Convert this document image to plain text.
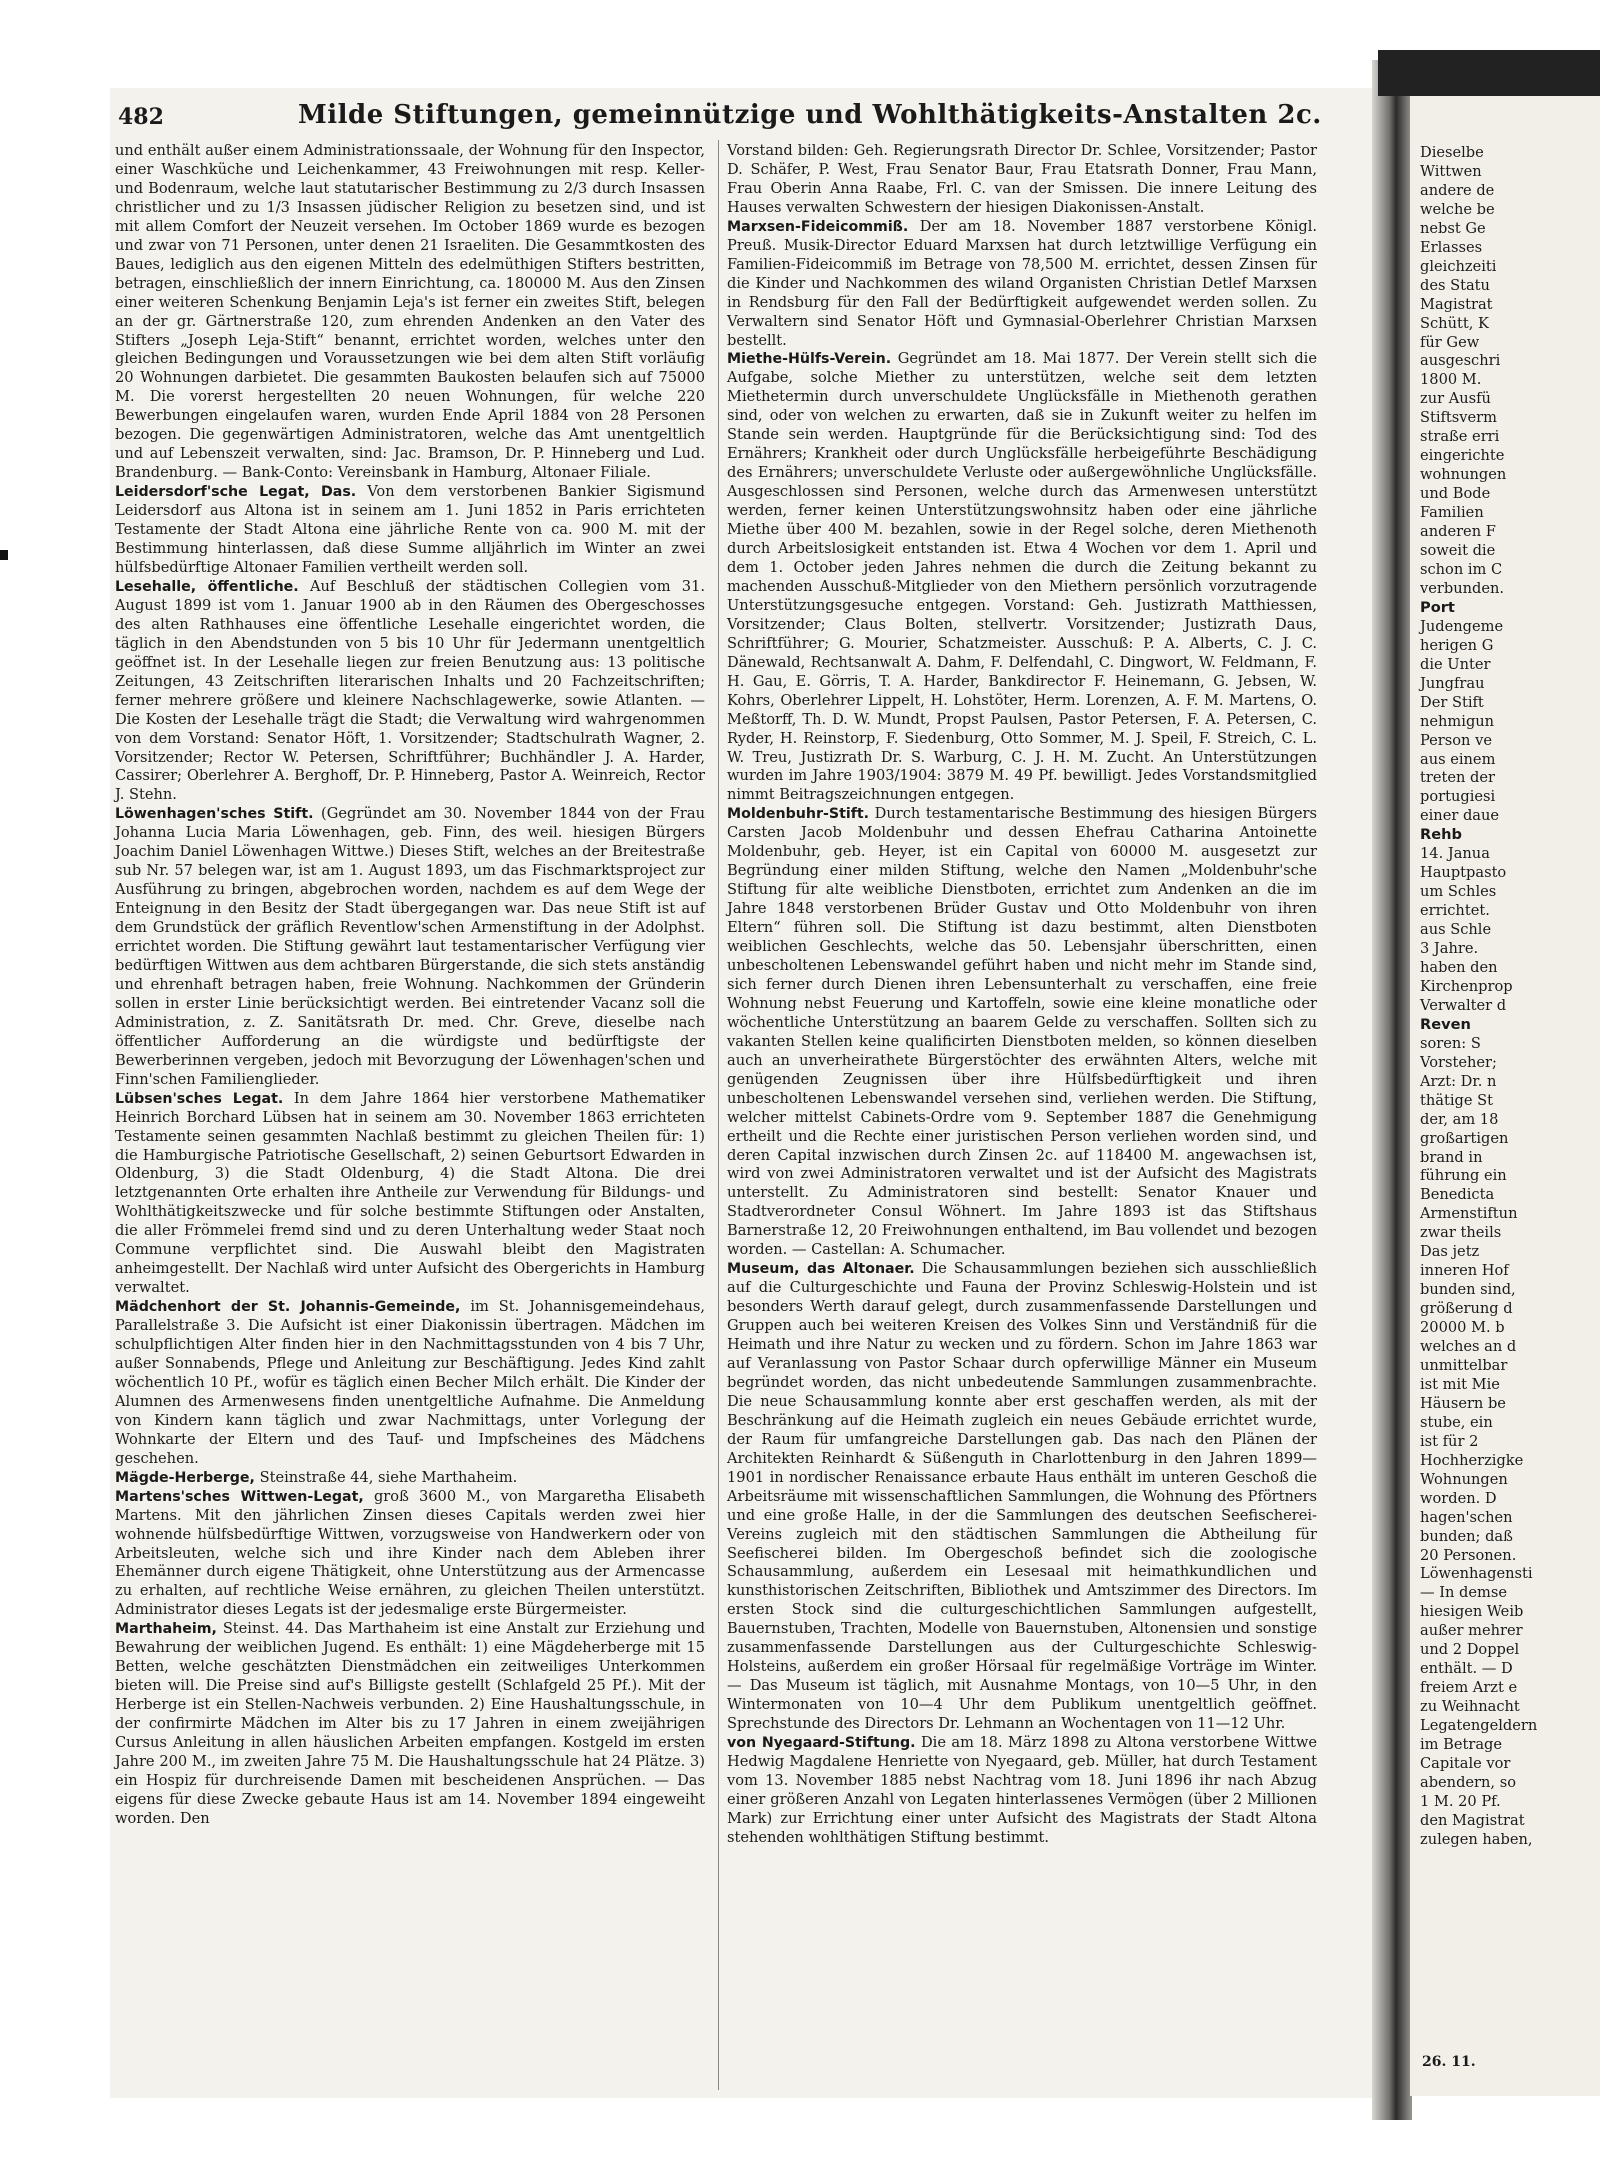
482	Milde Stiftungen, gemeinnützige und Wohlthätigkeits-Anstalten 2c.

und enthält außer einem Administrationssaale, der Wohnung für den Inspector, einer Waschküche und Leichenkammer, 43 Freiwohnungen mit resp. Keller- und Bodenraum, welche laut statutarischer Bestimmung zu 2/3 durch Insassen christlicher und zu 1/3 Insassen jüdischer Religion zu besetzen sind, und ist mit allem Comfort der Neuzeit versehen. Im October 1869 wurde es bezogen und zwar von 71 Personen, unter denen 21 Israeliten. Die Gesammtkosten des Baues, lediglich aus den eigenen Mitteln des edelmüthigen Stifters bestritten, betragen, einschließlich der innern Einrichtung, ca. 180000 M. Aus den Zinsen einer weiteren Schenkung Benjamin Leja's ist ferner ein zweites Stift, belegen an der gr. Gärtnerstraße 120, zum ehrenden Andenken an den Vater des Stifters „Joseph Leja-Stift“ benannt, errichtet worden, welches unter den gleichen Bedingungen und Voraussetzungen wie bei dem alten Stift vorläufig 20 Wohnungen darbietet. Die gesammten Baukosten belaufen sich auf 75000 M. Die vorerst hergestellten 20 neuen Wohnungen, für welche 220 Bewerbungen eingelaufen waren, wurden Ende April 1884 von 28 Personen bezogen. Die gegenwärtigen Administratoren, welche das Amt unentgeltlich und auf Lebenszeit verwalten, sind: Jac. Bramson, Dr. P. Hinneberg und Lud. Brandenburg. — Bank-Conto: Vereinsbank in Hamburg, Altonaer Filiale.

Leidersdorf'sche Legat, Das. Von dem verstorbenen Bankier Sigismund Leidersdorf aus Altona ist in seinem am 1. Juni 1852 in Paris errichteten Testamente der Stadt Altona eine jährliche Rente von ca. 900 M. mit der Bestimmung hinterlassen, daß diese Summe alljährlich im Winter an zwei hülfsbedürftige Altonaer Familien vertheilt werden soll.

Lesehalle, öffentliche. Auf Beschluß der städtischen Collegien vom 31. August 1899 ist vom 1. Januar 1900 ab in den Räumen des Obergeschosses des alten Rathhauses eine öffentliche Lesehalle eingerichtet worden, die täglich in den Abendstunden von 5 bis 10 Uhr für Jedermann unentgeltlich geöffnet ist. In der Lesehalle liegen zur freien Benutzung aus: 13 politische Zeitungen, 43 Zeitschriften literarischen Inhalts und 20 Fachzeitschriften; ferner mehrere größere und kleinere Nachschlagewerke, sowie Atlanten. — Die Kosten der Lesehalle trägt die Stadt; die Verwaltung wird wahrgenommen von dem Vorstand: Senator Höft, 1. Vorsitzender; Stadtschulrath Wagner, 2. Vorsitzender; Rector W. Petersen, Schriftführer; Buchhändler J. A. Harder, Cassirer; Oberlehrer A. Berghoff, Dr. P. Hinneberg, Pastor A. Weinreich, Rector J. Stehn.

Löwenhagen'sches Stift. (Gegründet am 30. November 1844 von der Frau Johanna Lucia Maria Löwenhagen, geb. Finn, des weil. hiesigen Bürgers Joachim Daniel Löwenhagen Wittwe.) Dieses Stift, welches an der Breitestraße sub Nr. 57 belegen war, ist am 1. August 1893, um das Fischmarktsproject zur Ausführung zu bringen, abgebrochen worden, nachdem es auf dem Wege der Enteignung in den Besitz der Stadt übergegangen war. Das neue Stift ist auf dem Grundstück der gräflich Reventlow'schen Armenstiftung in der Adolphst. errichtet worden. Die Stiftung gewährt laut testamentarischer Verfügung vier bedürftigen Wittwen aus dem achtbaren Bürgerstande, die sich stets anständig und ehrenhaft betragen haben, freie Wohnung. Nachkommen der Gründerin sollen in erster Linie berücksichtigt werden. Bei eintretender Vacanz soll die Administration, z. Z. Sanitätsrath Dr. med. Chr. Greve, dieselbe nach öffentlicher Aufforderung an die würdigste und bedürftigste der Bewerberinnen vergeben, jedoch mit Bevorzugung der Löwenhagen'schen und Finn'schen Familienglieder.

Lübsen'sches Legat. In dem Jahre 1864 hier verstorbene Mathematiker Heinrich Borchard Lübsen hat in seinem am 30. November 1863 errichteten Testamente seinen gesammten Nachlaß bestimmt zu gleichen Theilen für: 1) die Hamburgische Patriotische Gesellschaft, 2) seinen Geburtsort Edwarden in Oldenburg, 3) die Stadt Oldenburg, 4) die Stadt Altona. Die drei letztgenannten Orte erhalten ihre Antheile zur Verwendung für Bildungs- und Wohlthätigkeitszwecke und für solche bestimmte Stiftungen oder Anstalten, die aller Frömmelei fremd sind und zu deren Unterhaltung weder Staat noch Commune verpflichtet sind. Die Auswahl bleibt den Magistraten anheimgestellt. Der Nachlaß wird unter Aufsicht des Obergerichts in Hamburg verwaltet.

Mädchenhort der St. Johannis-Gemeinde, im St. Johannisgemeindehaus, Parallelstraße 3. Die Aufsicht ist einer Diakonissin übertragen. Mädchen im schulpflichtigen Alter finden hier in den Nachmittagsstunden von 4 bis 7 Uhr, außer Sonnabends, Pflege und Anleitung zur Beschäftigung. Jedes Kind zahlt wöchentlich 10 Pf., wofür es täglich einen Becher Milch erhält. Die Kinder der Alumnen des Armenwesens finden unentgeltliche Aufnahme. Die Anmeldung von Kindern kann täglich und zwar Nachmittags, unter Vorlegung der Wohnkarte der Eltern und des Tauf- und Impfscheines des Mädchens geschehen.

Mägde-Herberge, Steinstraße 44, siehe Marthaheim.

Martens'sches Wittwen-Legat, groß 3600 M., von Margaretha Elisabeth Martens. Mit den jährlichen Zinsen dieses Capitals werden zwei hier wohnende hülfsbedürftige Wittwen, vorzugsweise von Handwerkern oder von Arbeitsleuten, welche sich und ihre Kinder nach dem Ableben ihrer Ehemänner durch eigene Thätigkeit, ohne Unterstützung aus der Armencasse zu erhalten, auf rechtliche Weise ernähren, zu gleichen Theilen unterstützt. Administrator dieses Legats ist der jedesmalige erste Bürgermeister.

Marthaheim, Steinst. 44. Das Marthaheim ist eine Anstalt zur Erziehung und Bewahrung der weiblichen Jugend. Es enthält: 1) eine Mägdeherberge mit 15 Betten, welche geschätzten Dienstmädchen ein zeitweiliges Unterkommen bieten will. Die Preise sind auf's Billigste gestellt (Schlafgeld 25 Pf.). Mit der Herberge ist ein Stellen-Nachweis verbunden. 2) Eine Haushaltungsschule, in der confirmirte Mädchen im Alter bis zu 17 Jahren in einem zweijährigen Cursus Anleitung in allen häuslichen Arbeiten empfangen. Kostgeld im ersten Jahre 200 M., im zweiten Jahre 75 M. Die Haushaltungsschule hat 24 Plätze. 3) ein Hospiz für durchreisende Damen mit bescheidenen Ansprüchen. — Das eigens für diese Zwecke gebaute Haus ist am 14. November 1894 eingeweiht worden. Den

Vorstand bilden: Geh. Regierungsrath Director Dr. Schlee, Vorsitzender; Pastor D. Schäfer, P. West, Frau Senator Baur, Frau Etatsrath Donner, Frau Mann, Frau Oberin Anna Raabe, Frl. C. van der Smissen. Die innere Leitung des Hauses verwalten Schwestern der hiesigen Diakonissen-Anstalt.

Marxsen-Fideicommiß. Der am 18. November 1887 verstorbene Königl. Preuß. Musik-Director Eduard Marxsen hat durch letztwillige Verfügung ein Familien-Fideicommiß im Betrage von 78,500 M. errichtet, dessen Zinsen für die Kinder und Nachkommen des wiland Organisten Christian Detlef Marxsen in Rendsburg für den Fall der Bedürftigkeit aufgewendet werden sollen. Zu Verwaltern sind Senator Höft und Gymnasial-Oberlehrer Christian Marxsen bestellt.

Miethe-Hülfs-Verein. Gegründet am 18. Mai 1877. Der Verein stellt sich die Aufgabe, solche Miether zu unterstützen, welche seit dem letzten Miethetermin durch unverschuldete Unglücksfälle in Miethenoth gerathen sind, oder von welchen zu erwarten, daß sie in Zukunft weiter zu helfen im Stande sein werden. Hauptgründe für die Berücksichtigung sind: Tod des Ernährers; Krankheit oder durch Unglücksfälle herbeigeführte Beschädigung des Ernährers; unverschuldete Verluste oder außergewöhnliche Unglücksfälle. Ausgeschlossen sind Personen, welche durch das Armenwesen unterstützt werden, ferner keinen Unterstützungswohnsitz haben oder eine jährliche Miethe über 400 M. bezahlen, sowie in der Regel solche, deren Miethenoth durch Arbeitslosigkeit entstanden ist. Etwa 4 Wochen vor dem 1. April und dem 1. October jeden Jahres nehmen die durch die Zeitung bekannt zu machenden Ausschuß-Mitglieder von den Miethern persönlich vorzutragende Unterstützungsgesuche entgegen. Vorstand: Geh. Justizrath Matthiessen, Vorsitzender; Claus Bolten, stellvertr. Vorsitzender; Justizrath Daus, Schriftführer; G. Mourier, Schatzmeister. Ausschuß: P. A. Alberts, C. J. C. Dänewald, Rechtsanwalt A. Dahm, F. Delfendahl, C. Dingwort, W. Feldmann, F. H. Gau, E. Görris, T. A. Harder, Bankdirector F. Heinemann, G. Jebsen, W. Kohrs, Oberlehrer Lippelt, H. Lohstöter, Herm. Lorenzen, A. F. M. Martens, O. Meßtorff, Th. D. W. Mundt, Propst Paulsen, Pastor Petersen, F. A. Petersen, C. Ryder, H. Reinstorp, F. Siedenburg, Otto Sommer, M. J. Speil, F. Streich, C. L. W. Treu, Justizrath Dr. S. Warburg, C. J. H. M. Zucht. An Unterstützungen wurden im Jahre 1903/1904: 3879 M. 49 Pf. bewilligt. Jedes Vorstandsmitglied nimmt Beitragszeichnungen entgegen.

Moldenbuhr-Stift. Durch testamentarische Bestimmung des hiesigen Bürgers Carsten Jacob Moldenbuhr und dessen Ehefrau Catharina Antoinette Moldenbuhr, geb. Heyer, ist ein Capital von 60000 M. ausgesetzt zur Begründung einer milden Stiftung, welche den Namen „Moldenbuhr'sche Stiftung für alte weibliche Dienstboten, errichtet zum Andenken an die im Jahre 1848 verstorbenen Brüder Gustav und Otto Moldenbuhr von ihren Eltern“ führen soll. Die Stiftung ist dazu bestimmt, alten Dienstboten weiblichen Geschlechts, welche das 50. Lebensjahr überschritten, einen unbescholtenen Lebenswandel geführt haben und nicht mehr im Stande sind, sich ferner durch Dienen ihren Lebensunterhalt zu verschaffen, eine freie Wohnung nebst Feuerung und Kartoffeln, sowie eine kleine monatliche oder wöchentliche Unterstützung an baarem Gelde zu verschaffen. Sollten sich zu vakanten Stellen keine qualificirten Dienstboten melden, so können dieselben auch an unverheirathete Bürgerstöchter des erwähnten Alters, welche mit genügenden Zeugnissen über ihre Hülfsbedürftigkeit und ihren unbescholtenen Lebenswandel versehen sind, verliehen werden. Die Stiftung, welcher mittelst Cabinets-Ordre vom 9. September 1887 die Genehmigung ertheilt und die Rechte einer juristischen Person verliehen worden sind, und deren Capital inzwischen durch Zinsen 2c. auf 118400 M. angewachsen ist, wird von zwei Administratoren verwaltet und ist der Aufsicht des Magistrats unterstellt. Zu Administratoren sind bestellt: Senator Knauer und Stadtverordneter Consul Wöhnert. Im Jahre 1893 ist das Stiftshaus Barnerstraße 12, 20 Freiwohnungen enthaltend, im Bau vollendet und bezogen worden. — Castellan: A. Schumacher.

Museum, das Altonaer. Die Schausammlungen beziehen sich ausschließlich auf die Culturgeschichte und Fauna der Provinz Schleswig-Holstein und ist besonders Werth darauf gelegt, durch zusammenfassende Darstellungen und Gruppen auch bei weiteren Kreisen des Volkes Sinn und Verständniß für die Heimath und ihre Natur zu wecken und zu fördern. Schon im Jahre 1863 war auf Veranlassung von Pastor Schaar durch opferwillige Männer ein Museum begründet worden, das nicht unbedeutende Sammlungen zusammenbrachte. Die neue Schausammlung konnte aber erst geschaffen werden, als mit der Beschränkung auf die Heimath zugleich ein neues Gebäude errichtet wurde, der Raum für umfangreiche Darstellungen gab. Das nach den Plänen der Architekten Reinhardt & Süßenguth in Charlottenburg in den Jahren 1899—1901 in nordischer Renaissance erbaute Haus enthält im unteren Geschoß die Arbeitsräume mit wissenschaftlichen Sammlungen, die Wohnung des Pförtners und eine große Halle, in der die Sammlungen des deutschen Seefischerei-Vereins zugleich mit den städtischen Sammlungen die Abtheilung für Seefischerei bilden. Im Obergeschoß befindet sich die zoologische Schausammlung, außerdem ein Lesesaal mit heimathkundlichen und kunsthistorischen Zeitschriften, Bibliothek und Amtszimmer des Directors. Im ersten Stock sind die culturgeschichtlichen Sammlungen aufgestellt, Bauernstuben, Trachten, Modelle von Bauernstuben, Altonensien und sonstige zusammenfassende Darstellungen aus der Culturgeschichte Schleswig-Holsteins, außerdem ein großer Hörsaal für regelmäßige Vorträge im Winter. — Das Museum ist täglich, mit Ausnahme Montags, von 10—5 Uhr, in den Wintermonaten von 10—4 Uhr dem Publikum unentgeltlich geöffnet. Sprechstunde des Directors Dr. Lehmann an Wochentagen von 11—12 Uhr.

von Nyegaard-Stiftung. Die am 18. März 1898 zu Altona verstorbene Wittwe Hedwig Magdalene Henriette von Nyegaard, geb. Müller, hat durch Testament vom 13. November 1885 nebst Nachtrag vom 18. Juni 1896 ihr nach Abzug einer größeren Anzahl von Legaten hinterlassenes Vermögen (über 2 Millionen Mark) zur Errichtung einer unter Aufsicht des Magistrats der Stadt Altona stehenden wohlthätigen Stiftung bestimmt.

Dieselbe
Wittwen
andere de
welche be
nebst Ge
Erlasses
gleichzeiti
des Statu
Magistrat
Schütt, K
für Gew
ausgeschri
1800 M.
zur Ausfü
Stiftsverm
straße erri
eingerichte
wohnungen
und Bode
Familien
anderen F
soweit die
schon im C
verbunden.
Port
Judengeme
herigen G
die Unter
Jungfrau
Der Stift
nehmigun
Person ve
aus einem
treten der
portugiesi
einer daue
Rehb
14. Janua
Hauptpasto
um Schles
errichtet.
aus Schle
3 Jahre.
haben den
Kirchenprop
Verwalter d
Reven
soren: S
Vorsteher;
Arzt: Dr. n
thätige St
der, am 18
großartigen
brand in
führung ein
Benedicta
Armenstiftun
zwar theils
Das jetz
inneren Hof
bunden sind,
größerung d
20000 M. b
welches an d
unmittelbar
ist mit Mie
Häusern be
stube, ein
ist für 2
Hochherzigke
Wohnungen
worden. D
hagen'schen
bunden; daß
20 Personen.
Löwenhagensti
— In demse
hiesigen Weib
außer mehrer
und 2 Doppel
enthält. — D
freiem Arzt e
zu Weihnacht
Legatengeldern
im Betrage
Capitale vor
abendern, so
1 M. 20 Pf.
den Magistrat
zulegen haben,
26. 11.
